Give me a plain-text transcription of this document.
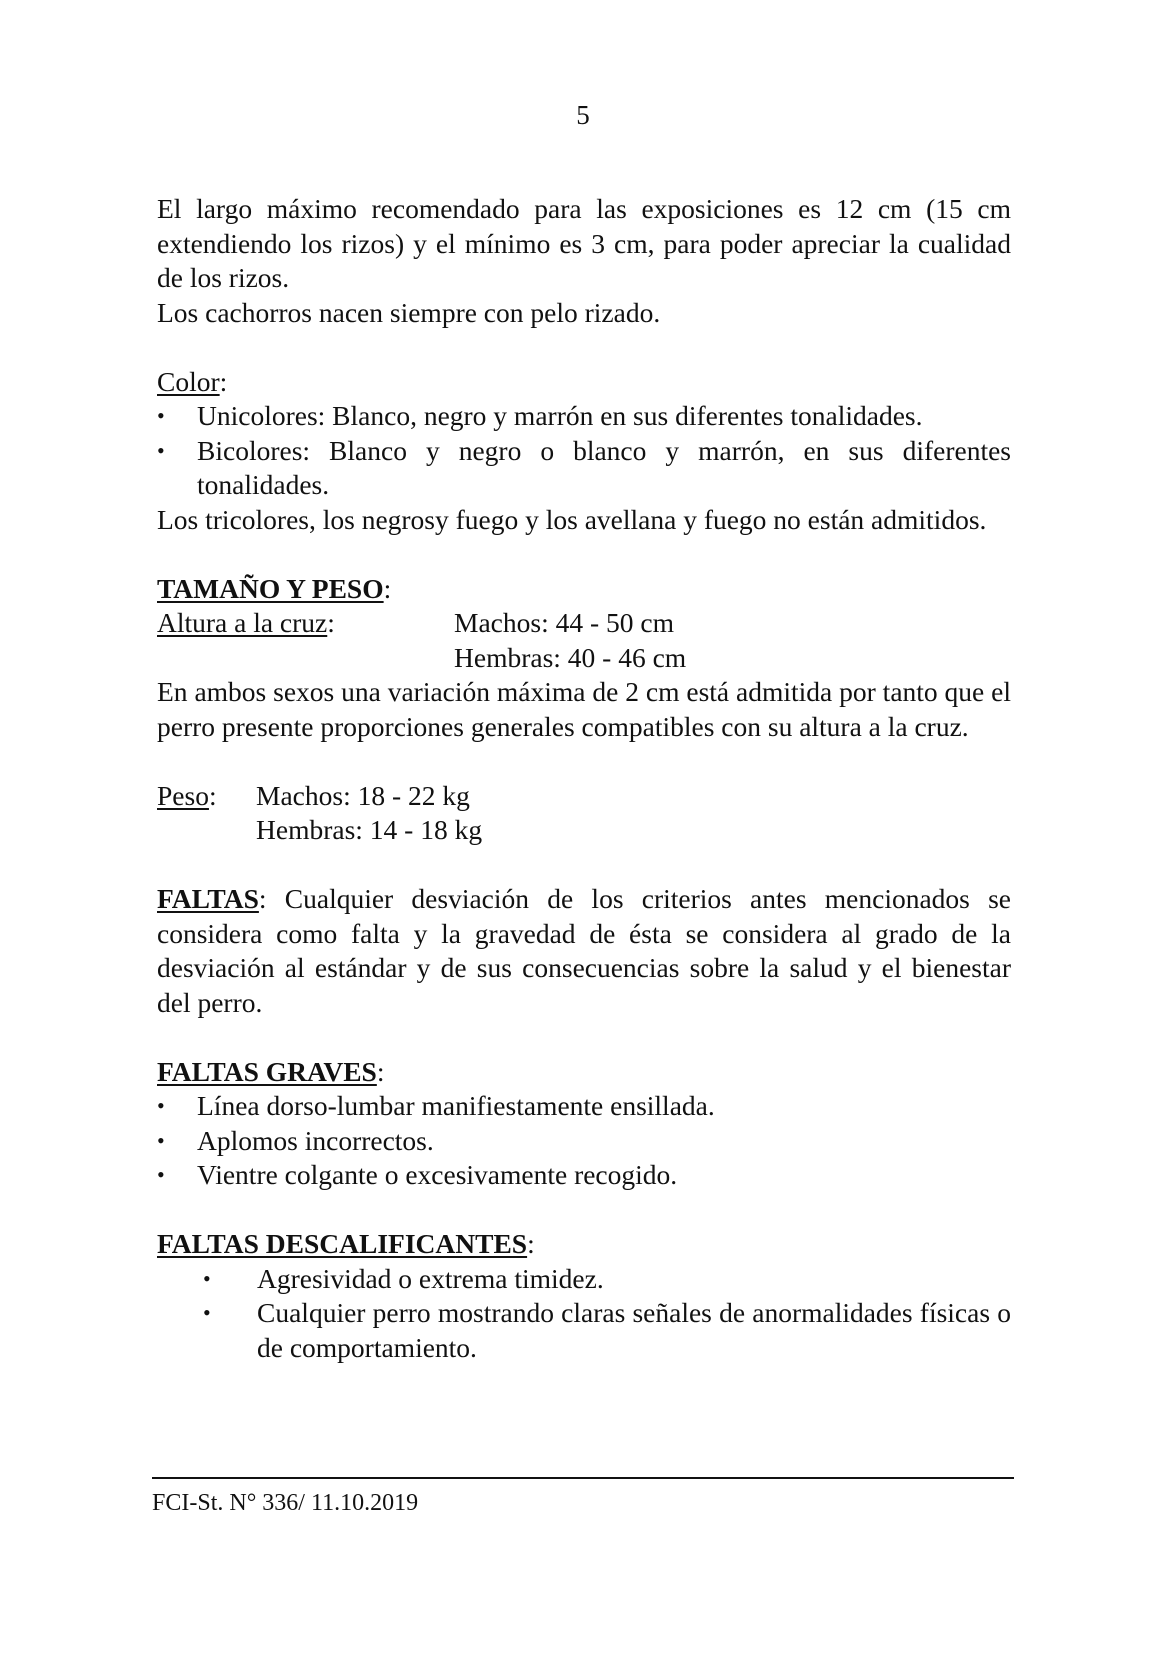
5

El largo máximo recomendado para las exposiciones es 12 cm (15 cm extendiendo los rizos) y el mínimo es 3 cm, para poder apreciar la cualidad de los rizos.

Los cachorros nacen siempre con pelo rizado.

Color:

•	Unicolores: Blanco, negro y marrón en sus diferentes tonalidades.
•	Bicolores: Blanco y negro o blanco y marrón, en sus diferentes tonalidades.

Los tricolores, los negrosy fuego y los avellana y fuego no están admitidos.

TAMAÑO Y PESO:

Altura a la cruz:	Machos: 44 - 50 cm
Hembras: 40 - 46 cm

En ambos sexos una variación máxima de 2 cm está admitida por tanto que el perro presente proporciones generales compatibles con su altura a la cruz.

Peso:	Machos: 18 - 22 kg
Hembras: 14 - 18 kg

FALTAS: Cualquier desviación de los criterios antes mencionados se considera como falta y la gravedad de ésta se considera al grado de la desviación al estándar y de sus consecuencias sobre la salud y el bienestar del perro.

FALTAS GRAVES:

•	Línea dorso-lumbar manifiestamente ensillada.
•	Aplomos incorrectos.
•	Vientre colgante o excesivamente recogido.

FALTAS DESCALIFICANTES:

•	Agresividad o extrema timidez.
•	Cualquier perro mostrando claras señales de anormalidades físicas o de comportamiento.
FCI-St. N° 336/ 11.10.2019
